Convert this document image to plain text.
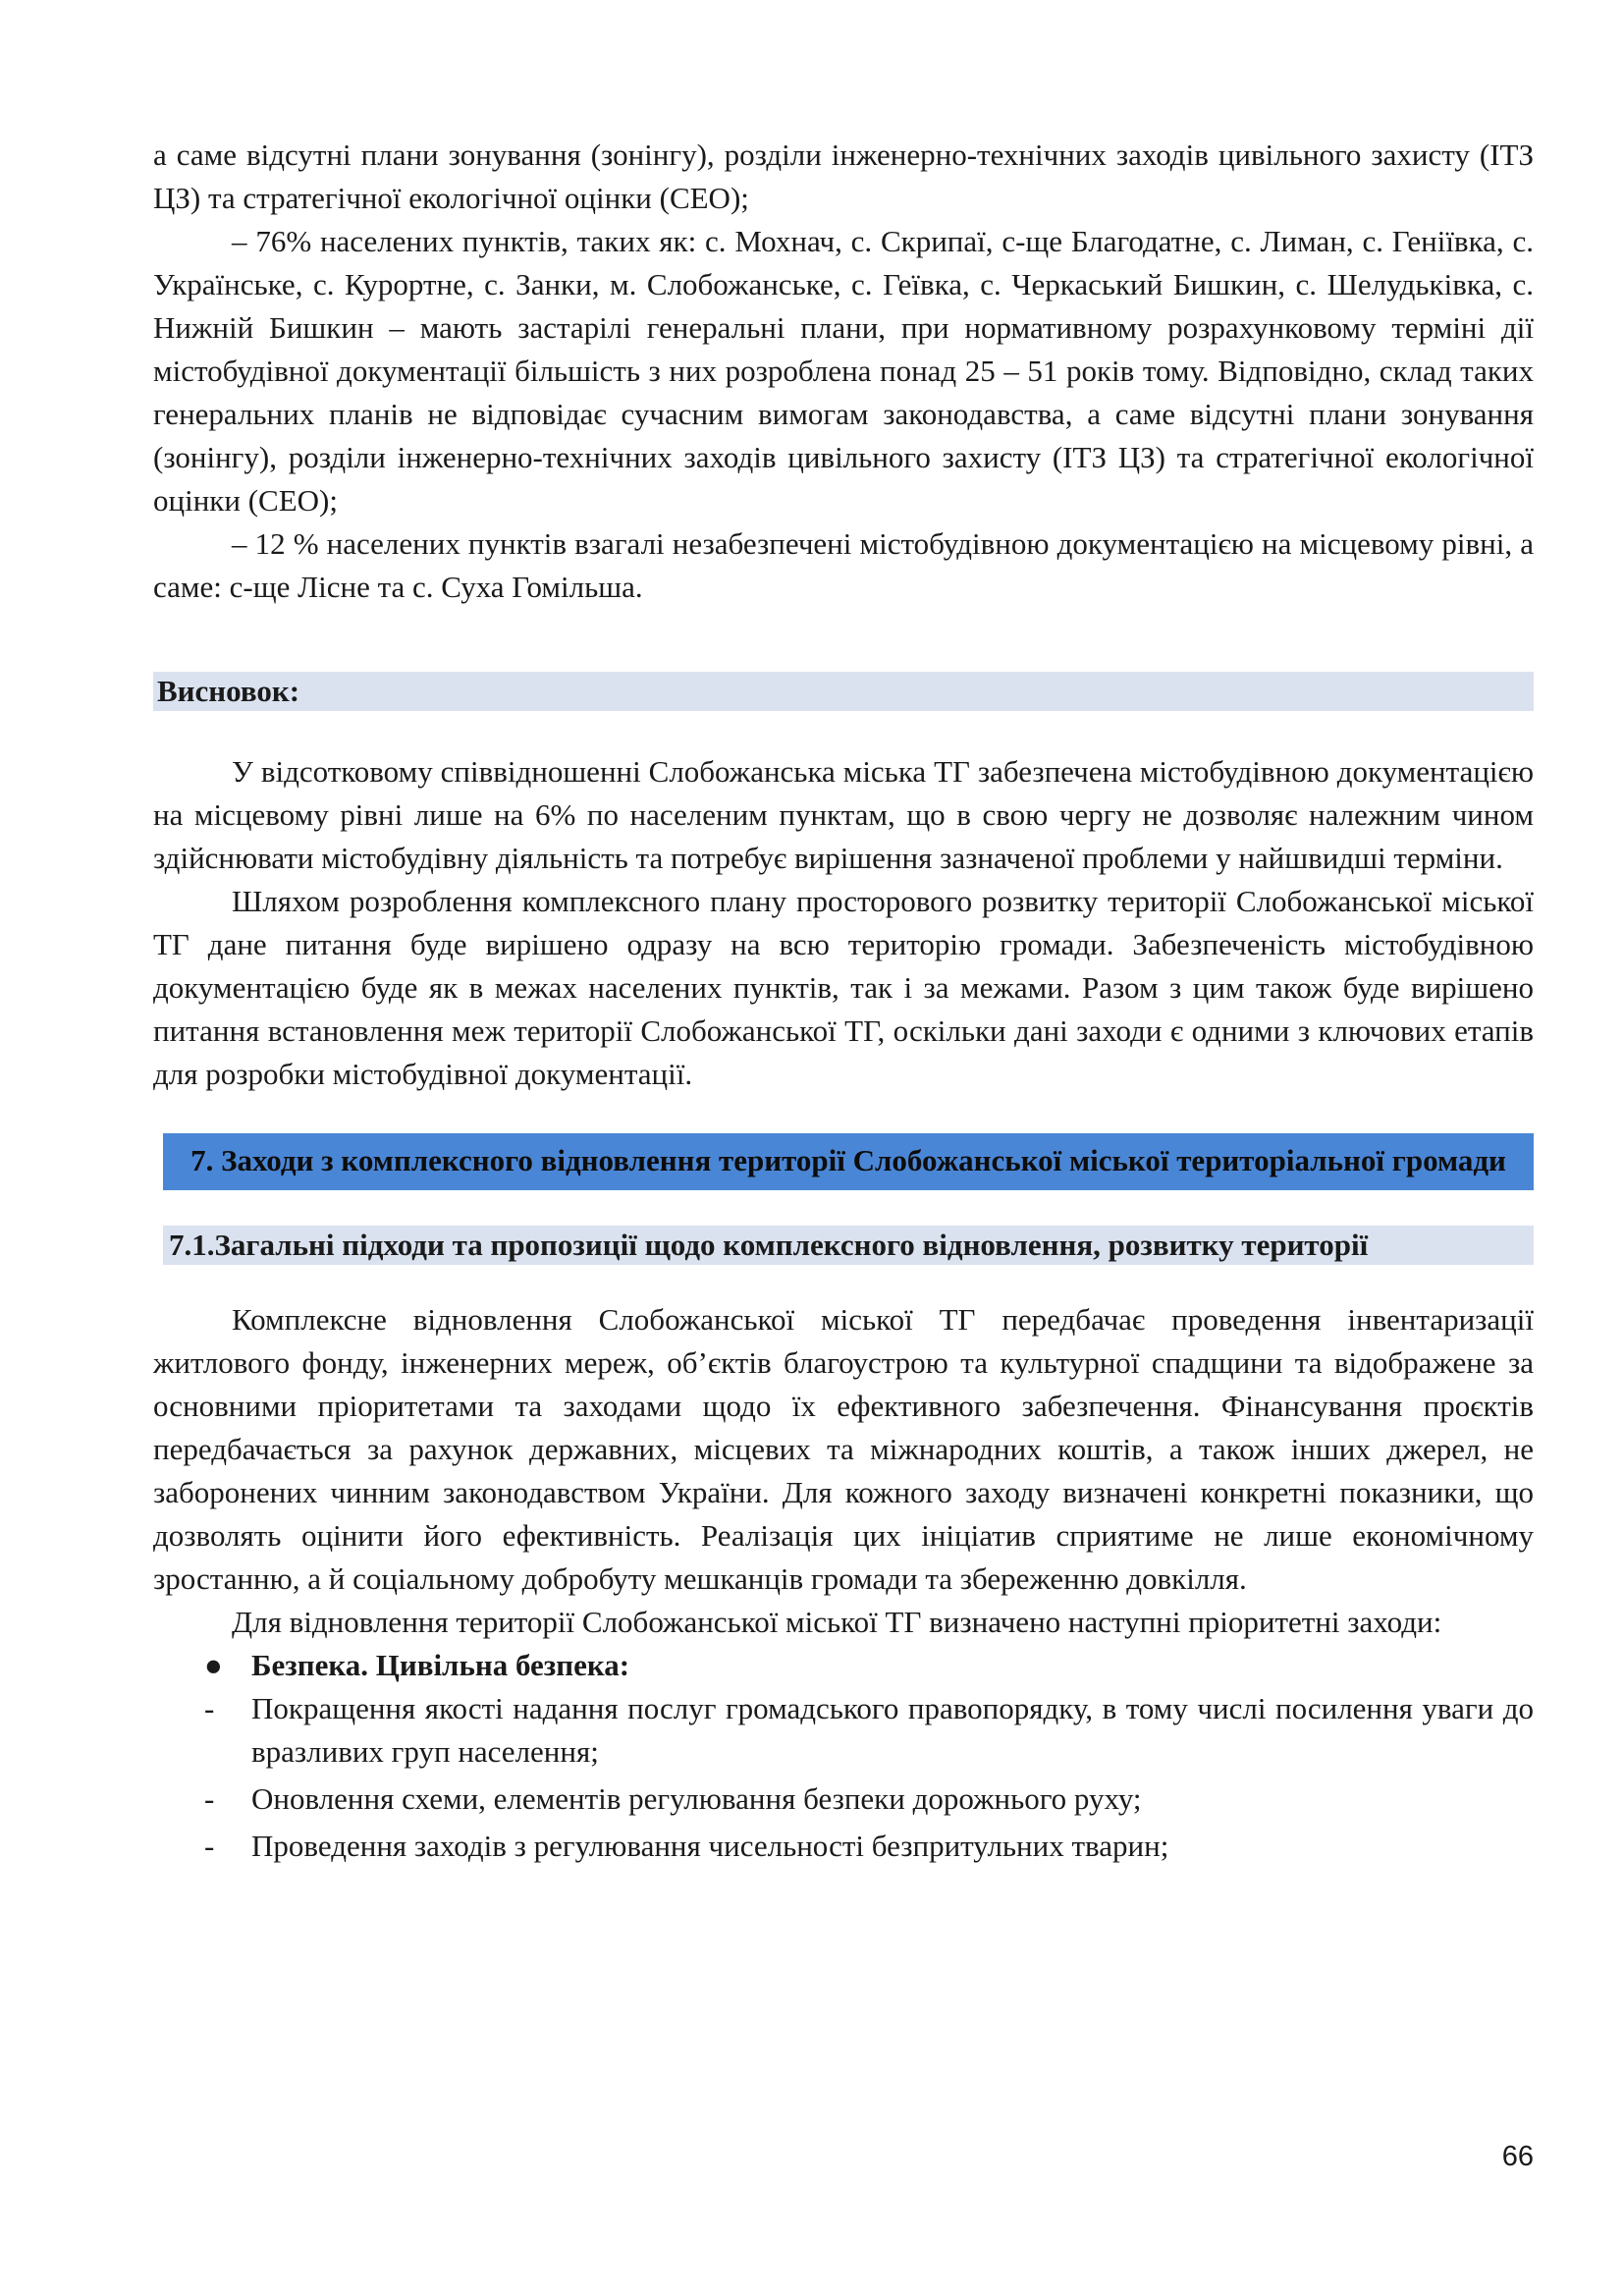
а саме відсутні плани зонування (зонінгу), розділи інженерно-технічних заходів цивільного захисту (ІТЗ ЦЗ) та стратегічної екологічної оцінки (СЕО);

– 76% населених пунктів, таких як: с. Мохнач, с. Скрипаї, с-ще Благодатне, с. Лиман, с. Геніївка, с. Українське, с. Курортне, с. Занки, м. Слобожанське, с. Геївка, с. Черкаський Бишкин, с. Шелудьківка, с. Нижній Бишкин – мають застарілі генеральні плани, при нормативному розрахунковому терміні дії містобудівної документації більшість з них розроблена понад 25 – 51 років тому. Відповідно, склад таких генеральних планів не відповідає сучасним вимогам законодавства, а саме відсутні плани зонування (зонінгу), розділи інженерно-технічних заходів цивільного захисту (ІТЗ ЦЗ) та стратегічної екологічної оцінки (СЕО);

– 12 % населених пунктів взагалі незабезпечені містобудівною документацією на місцевому рівні, а саме: с-ще Лісне та с. Суха Гомільша.

Висновок:

У відсотковому співвідношенні Слобожанська міська ТГ забезпечена містобудівною документацією на місцевому рівні лише на 6% по населеним пунктам, що в свою чергу не дозволяє належним чином здійснювати містобудівну діяльність та потребує вирішення зазначеної проблеми у найшвидші терміни.

Шляхом розроблення комплексного плану просторового розвитку території Слобожанської міської ТГ дане питання буде вирішено одразу на всю територію громади. Забезпеченість містобудівною документацією буде як в межах населених пунктів, так і за межами. Разом з цим також буде вирішено питання встановлення меж території Слобожанської ТГ, оскільки дані заходи є одними з ключових етапів для розробки містобудівної документації.

7. Заходи з комплексного відновлення території Слобожанської міської територіальної громади
7.1.Загальні підходи та пропозиції щодо комплексного відновлення, розвитку території

Комплексне відновлення Слобожанської міської ТГ передбачає проведення інвентаризації житлового фонду, інженерних мереж, об’єктів благоустрою та культурної спадщини та відображене за основними пріоритетами та заходами щодо їх ефективного забезпечення. Фінансування проєктів передбачається за рахунок державних, місцевих та міжнародних коштів, а також інших джерел, не заборонених чинним законодавством України. Для кожного заходу визначені конкретні показники, що дозволять оцінити його ефективність. Реалізація цих ініціатив сприятиме не лише економічному зростанню, а й соціальному добробуту мешканців громади та збереженню довкілля.

Для відновлення території Слобожанської міської ТГ визначено наступні пріоритетні заходи:

● Безпека. Цивільна безпека:
- Покращення якості надання послуг громадського правопорядку, в тому числі посилення уваги до вразливих груп населення;
- Оновлення схеми, елементів регулювання безпеки дорожнього руху;
- Проведення заходів з регулювання чисельності безпритульних тварин;
66
